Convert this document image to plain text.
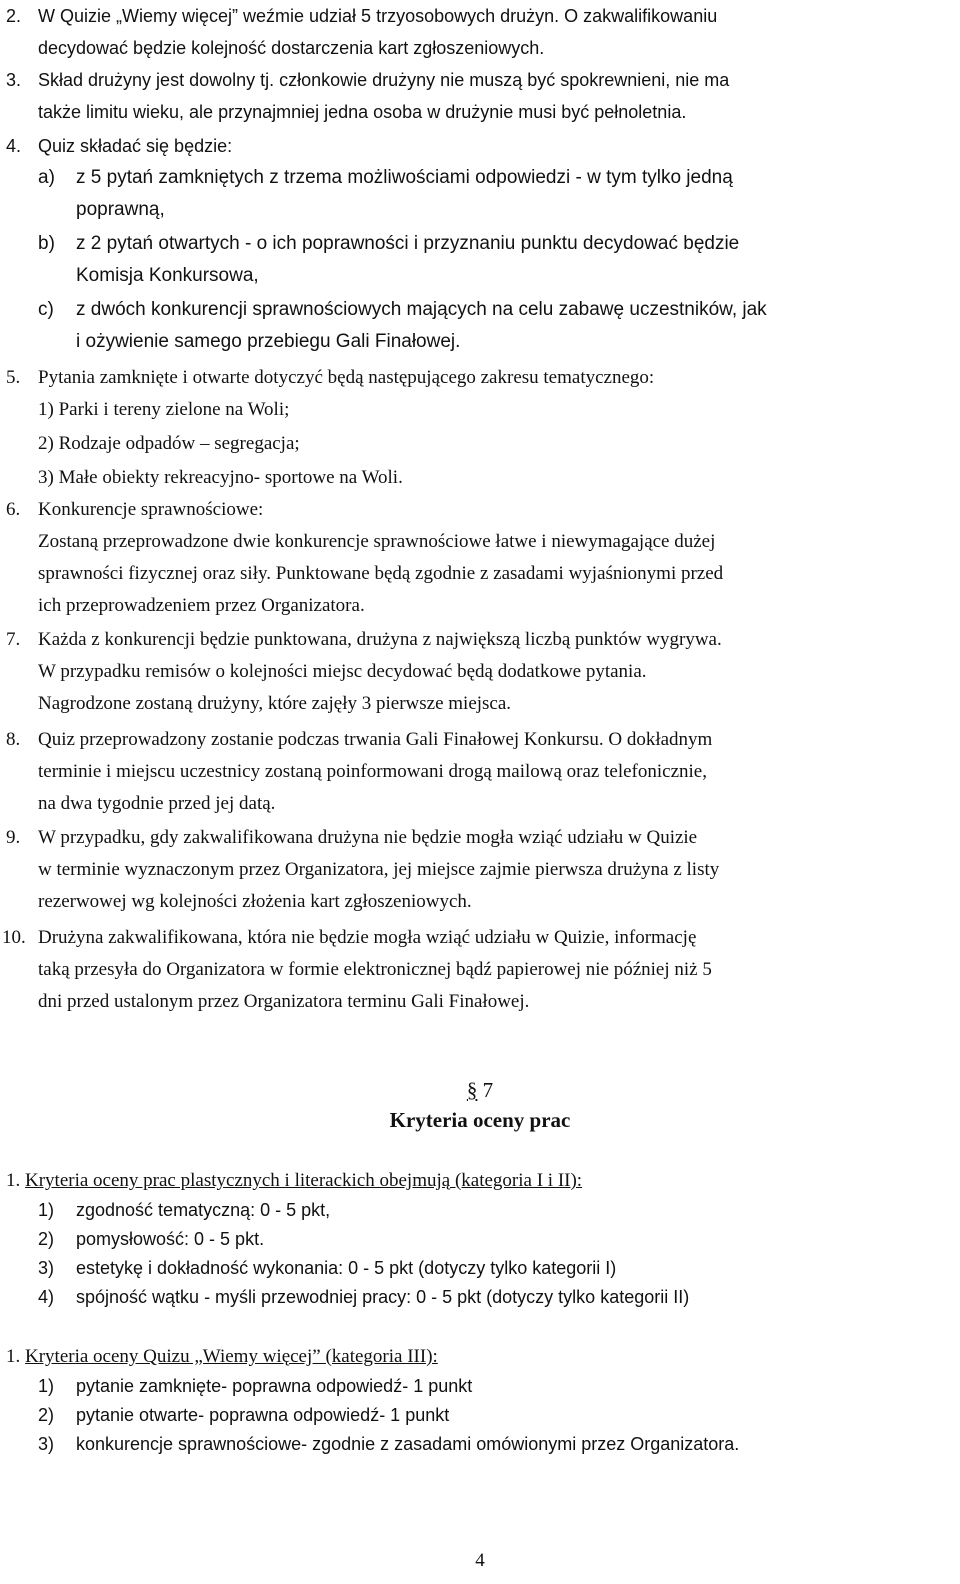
2. W Quizie „Wiemy więcej” weźmie udział 5 trzyosobowych drużyn. O zakwalifikowaniu
decydować będzie kolejność dostarczenia kart zgłoszeniowych.
3. Skład drużyny jest dowolny tj. członkowie drużyny nie muszą być spokrewnieni, nie ma
także limitu wieku, ale przynajmniej jedna osoba w drużynie musi być pełnoletnia.
4. Quiz składać się będzie:
a) z 5 pytań zamkniętych z trzema możliwościami odpowiedzi - w tym tylko jedną
poprawną,
b) z 2 pytań otwartych - o ich poprawności i przyznaniu punktu decydować będzie
Komisja Konkursowa,
c) z dwóch konkurencji sprawnościowych mających na celu zabawę uczestników, jak
i ożywienie samego przebiegu Gali Finałowej.
5. Pytania zamknięte i otwarte dotyczyć będą następującego zakresu tematycznego:
1) Parki i tereny zielone na Woli;
2) Rodzaje odpadów – segregacja;
3) Małe obiekty rekreacyjno- sportowe na Woli.
6. Konkurencje sprawnościowe:
Zostaną przeprowadzone dwie konkurencje sprawnościowe łatwe i niewymagające dużej
sprawności fizycznej oraz siły. Punktowane będą zgodnie z zasadami wyjaśnionymi przed
ich przeprowadzeniem przez Organizatora.
7. Każda z konkurencji będzie punktowana, drużyna z największą liczbą punktów wygrywa.
W przypadku remisów o kolejności miejsc decydować będą dodatkowe pytania.
Nagrodzone zostaną drużyny, które zajęły 3 pierwsze miejsca.
8. Quiz przeprowadzony zostanie podczas trwania Gali Finałowej Konkursu. O dokładnym
terminie i miejscu uczestnicy zostaną poinformowani drogą mailową oraz telefonicznie,
na dwa tygodnie przed jej datą.
9. W przypadku, gdy zakwalifikowana drużyna nie będzie mogła wziąć udziału w Quizie
w terminie wyznaczonym przez Organizatora, jej miejsce zajmie pierwsza drużyna z listy
rezerwowej wg kolejności złożenia kart zgłoszeniowych.
10. Drużyna zakwalifikowana, która nie będzie mogła wziąć udziału w Quizie, informację
taką przesyła do Organizatora w formie elektronicznej bądź papierowej nie później niż 5
dni przed ustalonym przez Organizatora terminu Gali Finałowej.
§ 7
Kryteria oceny prac
1. Kryteria oceny prac plastycznych i literackich obejmują (kategoria I i II):
1) zgodność tematyczną: 0 - 5 pkt,
2) pomysłowość: 0 - 5 pkt.
3) estetykę i dokładność wykonania: 0 - 5 pkt (dotyczy tylko kategorii I)
4) spójność wątku - myśli przewodniej pracy: 0 - 5 pkt (dotyczy tylko kategorii II)
1. Kryteria oceny Quizu „Wiemy więcej” (kategoria III):
1) pytanie zamknięte- poprawna odpowiedź- 1 punkt
2) pytanie otwarte- poprawna odpowiedź- 1 punkt
3) konkurencje sprawnościowe- zgodnie z zasadami omówionymi przez Organizatora.
4
